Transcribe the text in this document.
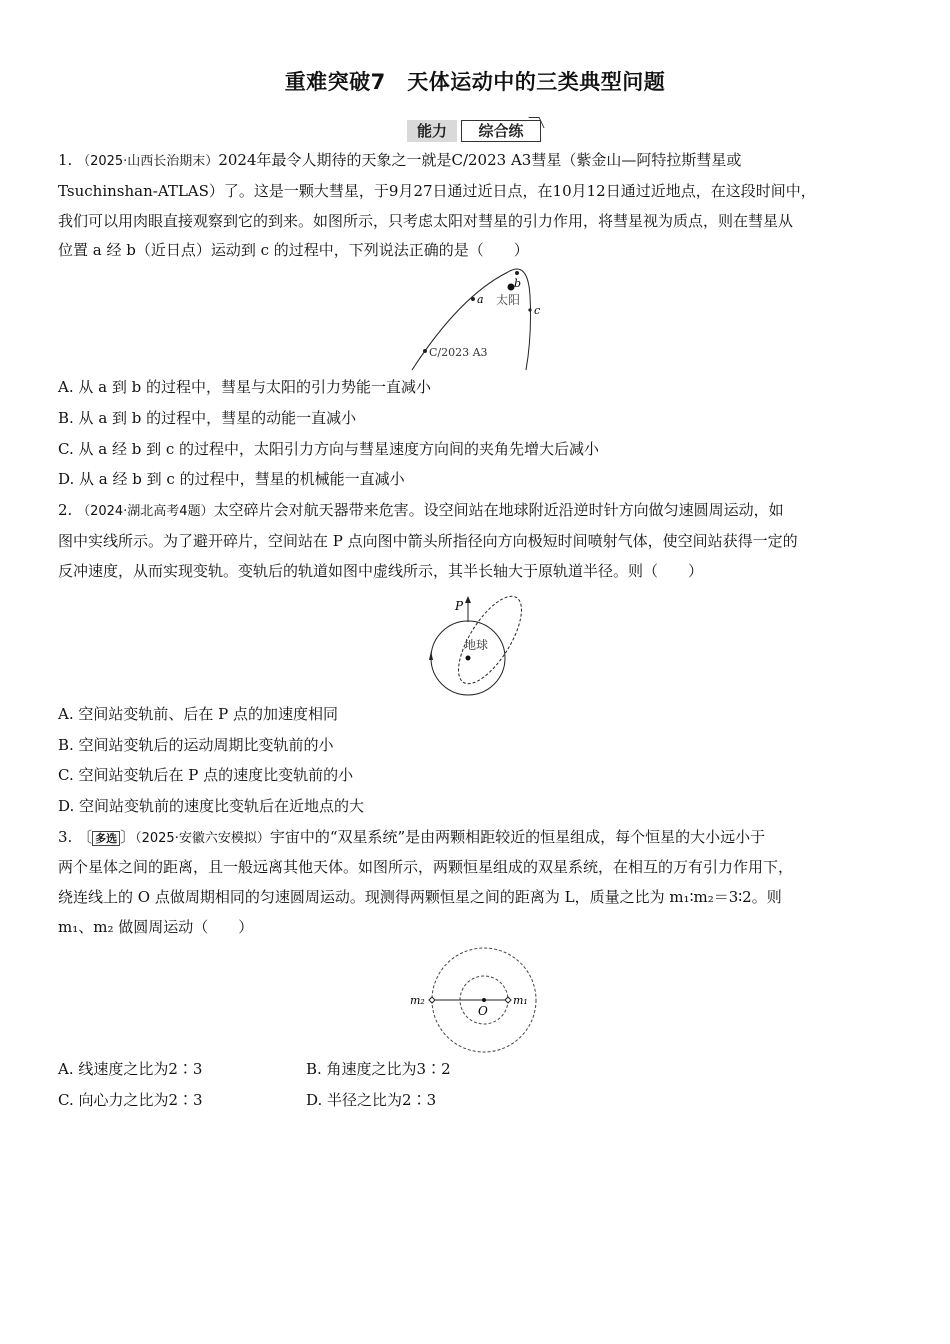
重难突破7　天体运动中的三类典型问题
能力	综合练
1. （2025·山西长治期末）2024年最令人期待的天象之一就是C/2023 A3彗星（紫金山—阿特拉斯彗星或
Tsuchinshan-ATLAS）了。这是一颗大彗星，于9月27日通过近日点，在10月12日通过近地点，在这段时间中，
我们可以用肉眼直接观察到它的到来。如图所示，只考虑太阳对彗星的引力作用，将彗星视为质点，则在彗星从
位置 a 经 b（近日点）运动到 c 的过程中，下列说法正确的是（　　）
a
b
太阳
c
C/2023 A3
A. 从 a 到 b 的过程中，彗星与太阳的引力势能一直减小
B. 从 a 到 b 的过程中，彗星的动能一直减小
C. 从 a 经 b 到 c 的过程中，太阳引力方向与彗星速度方向间的夹角先增大后减小
D. 从 a 经 b 到 c 的过程中，彗星的机械能一直减小
2. （2024·湖北高考4题）太空碎片会对航天器带来危害。设空间站在地球附近沿逆时针方向做匀速圆周运动，如
图中实线所示。为了避开碎片，空间站在 P 点向图中箭头所指径向方向极短时间喷射气体，使空间站获得一定的
反冲速度，从而实现变轨。变轨后的轨道如图中虚线所示，其半长轴大于原轨道半径。则（　　）
P
地球
A. 空间站变轨前、后在 P 点的加速度相同
B. 空间站变轨后的运动周期比变轨前的小
C. 空间站变轨后在 P 点的速度比变轨前的小
D. 空间站变轨前的速度比变轨后在近地点的大
3. 〔 多选 〕（2025·安徽六安模拟）宇宙中的“双星系统”是由两颗相距较近的恒星组成，每个恒星的大小远小于
两个星体之间的距离，且一般远离其他天体。如图所示，两颗恒星组成的双星系统，在相互的万有引力作用下，
绕连线上的 O 点做周期相同的匀速圆周运动。现测得两颗恒星之间的距离为 L，质量之比为 m₁∶m₂＝3∶2。则
m₁、m₂ 做圆周运动（　　）
m₂	m₁
O
A. 线速度之比为2∶3	B. 角速度之比为3∶2
C. 向心力之比为2∶3	D. 半径之比为2∶3
